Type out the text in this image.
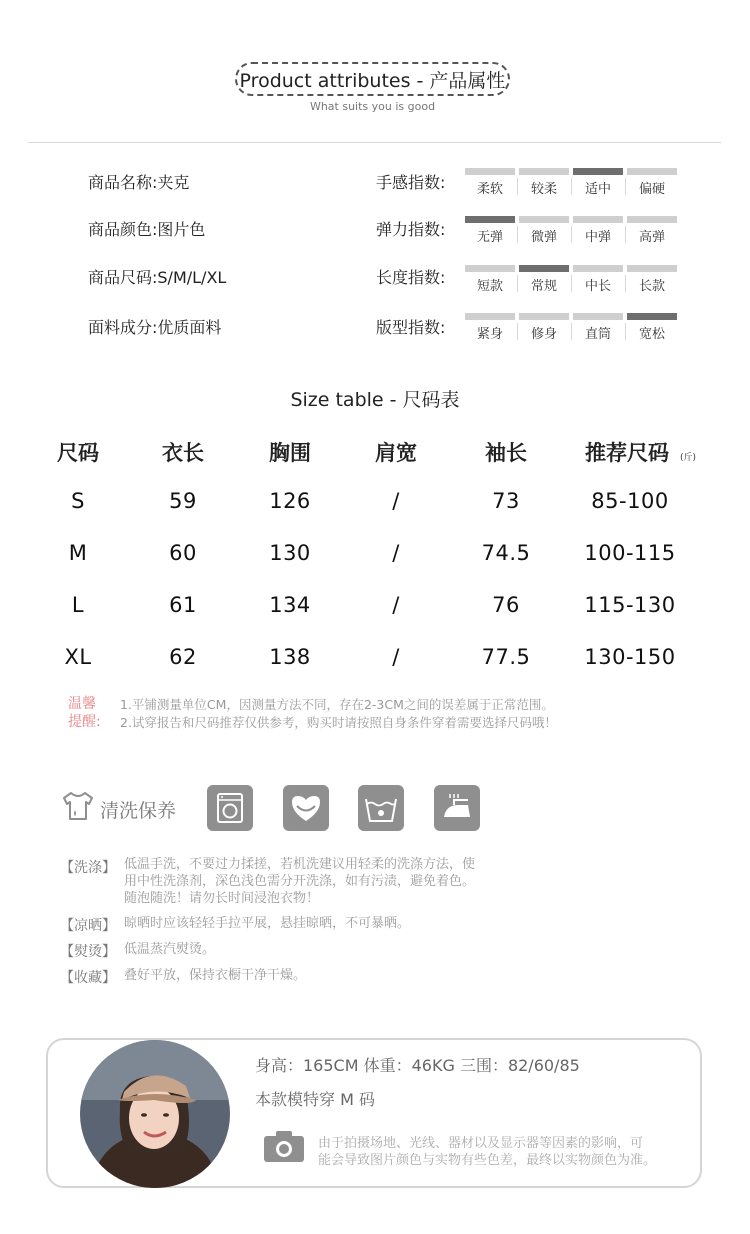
Product attributes - 产品属性
What suits you is good
商品名称:夹克
商品颜色:图片色
商品尺码:S/M/L/XL
面料成分:优质面料
手感指数:	柔软	较柔	适中	偏硬
弹力指数:	无弹	微弹	中弹	高弹
长度指数:	短款	常规	中长	长款
版型指数:	紧身	修身	直筒	宽松
Size table - 尺码表
尺码	衣长	胸围	肩宽	袖长	推荐尺码	(斤)
S	59	126	/	73	85-100
M	60	130	/	74.5	100-115
L	61	134	/	76	115-130
XL	62	138	/	77.5	130-150
温馨
提醒:
1.平铺测量单位CM，因测量方法不同，存在2-3CM之间的误差属于正常范围。
2.试穿报告和尺码推荐仅供参考，购买时请按照自身条件穿着需要选择尺码哦！
清洗保养
【洗涤】 低温手洗，不要过力揉搓，若机洗建议用轻柔的洗涤方法，使
用中性洗涤剂，深色浅色需分开洗涤，如有污渍，避免着色。
随泡随洗！请勿长时间浸泡衣物！
【凉晒】 晾晒时应该轻轻手拉平展，悬挂晾晒，不可暴晒。
【熨烫】 低温蒸汽熨烫。
【收藏】 叠好平放，保持衣橱干净干燥。
身高：165CM 体重：46KG 三围：82/60/85
本款模特穿 M 码
由于拍摄场地、光线、器材以及显示器等因素的影响，可
能会导致图片颜色与实物有些色差，最终以实物颜色为准。
